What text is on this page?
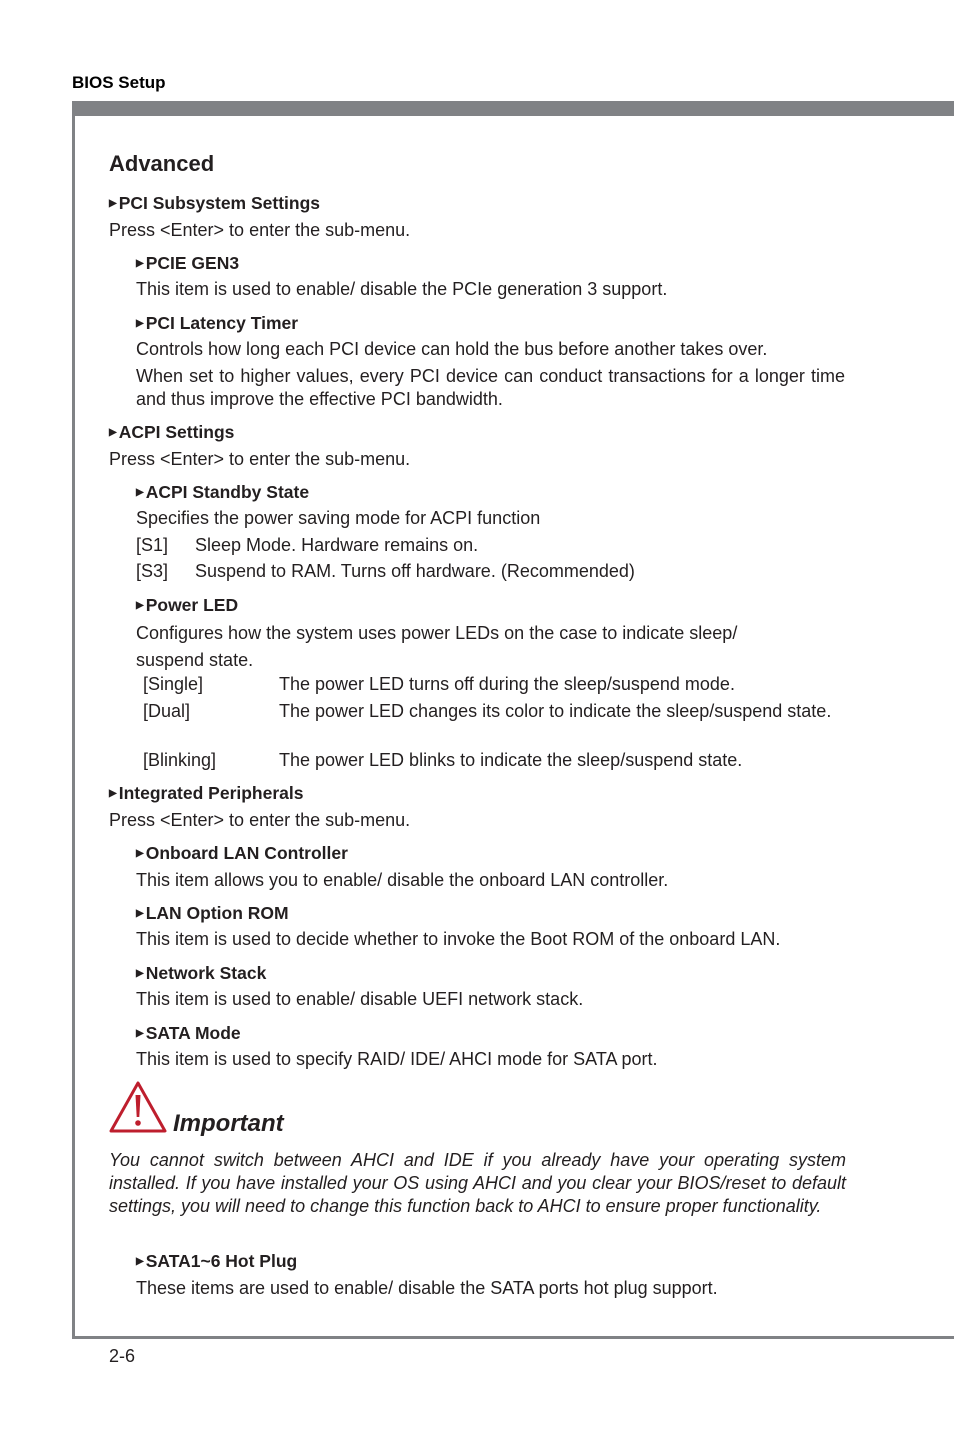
BIOS Setup
Advanced
▶ PCI Subsystem Settings
Press <Enter> to enter the sub-menu.
▶ PCIE GEN3
This item is used to enable/ disable the PCIe generation 3 support.
▶ PCI Latency Timer
Controls how long each PCI device can hold the bus before another takes over.
When set to higher values, every PCI device can conduct transactions for a longer time and thus improve the effective PCI bandwidth.
▶ ACPI Settings
Press <Enter> to enter the sub-menu.
▶ ACPI Standby State
Specifies the power saving mode for ACPI function
[S1] Sleep Mode. Hardware remains on.
[S3] Suspend to RAM. Turns off hardware. (Recommended)
▶ Power LED
Configures how the system uses power LEDs on the case to indicate sleep/ suspend state.
[Single]	The power LED turns off during the sleep/suspend mode.
[Dual]	The power LED changes its color to indicate the sleep/suspend state.
[Blinking]	The power LED blinks to indicate the sleep/suspend state.
▶ Integrated Peripherals
Press <Enter> to enter the sub-menu.
▶ Onboard LAN Controller
This item allows you to enable/ disable the onboard LAN controller.
▶ LAN Option ROM
This item is used to decide whether to invoke the Boot ROM of the onboard LAN.
▶ Network Stack
This item is used to enable/ disable UEFI network stack.
▶ SATA Mode
This item is used to specify RAID/ IDE/ AHCI mode for SATA port.
Important
You cannot switch between AHCI and IDE if you already have your operating system installed. If you have installed your OS using AHCI and you clear your BIOS/reset to default settings, you will need to change this function back to AHCI to ensure proper functionality.
▶ SATA1~6 Hot Plug
These items are used to enable/ disable the SATA ports hot plug support.
2-6
